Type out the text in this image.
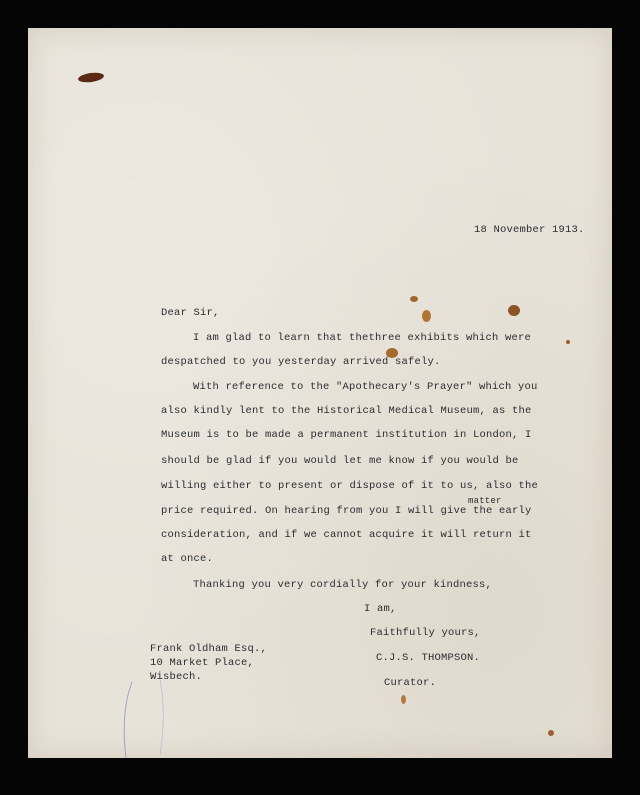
18 November 1913.
Dear Sir,
I am glad to learn that thethree exhibits which were
despatched to you yesterday arrived safely.
With reference to the "Apothecary's Prayer" which you
also kindly lent to the Historical Medical Museum, as the
Museum is to be made a permanent institution in London, I
should be glad if you would let me know if you would be
willing either to present or dispose of it to us, also the
matter
price required. On hearing from you I will give the early
consideration, and if we cannot acquire it will return it
at once.
Thanking you very cordially for your kindness,
I am,
Faithfully yours,
C.J.S. THOMPSON.
Curator.
Frank Oldham Esq.,
10 Market Place,
Wisbech.
